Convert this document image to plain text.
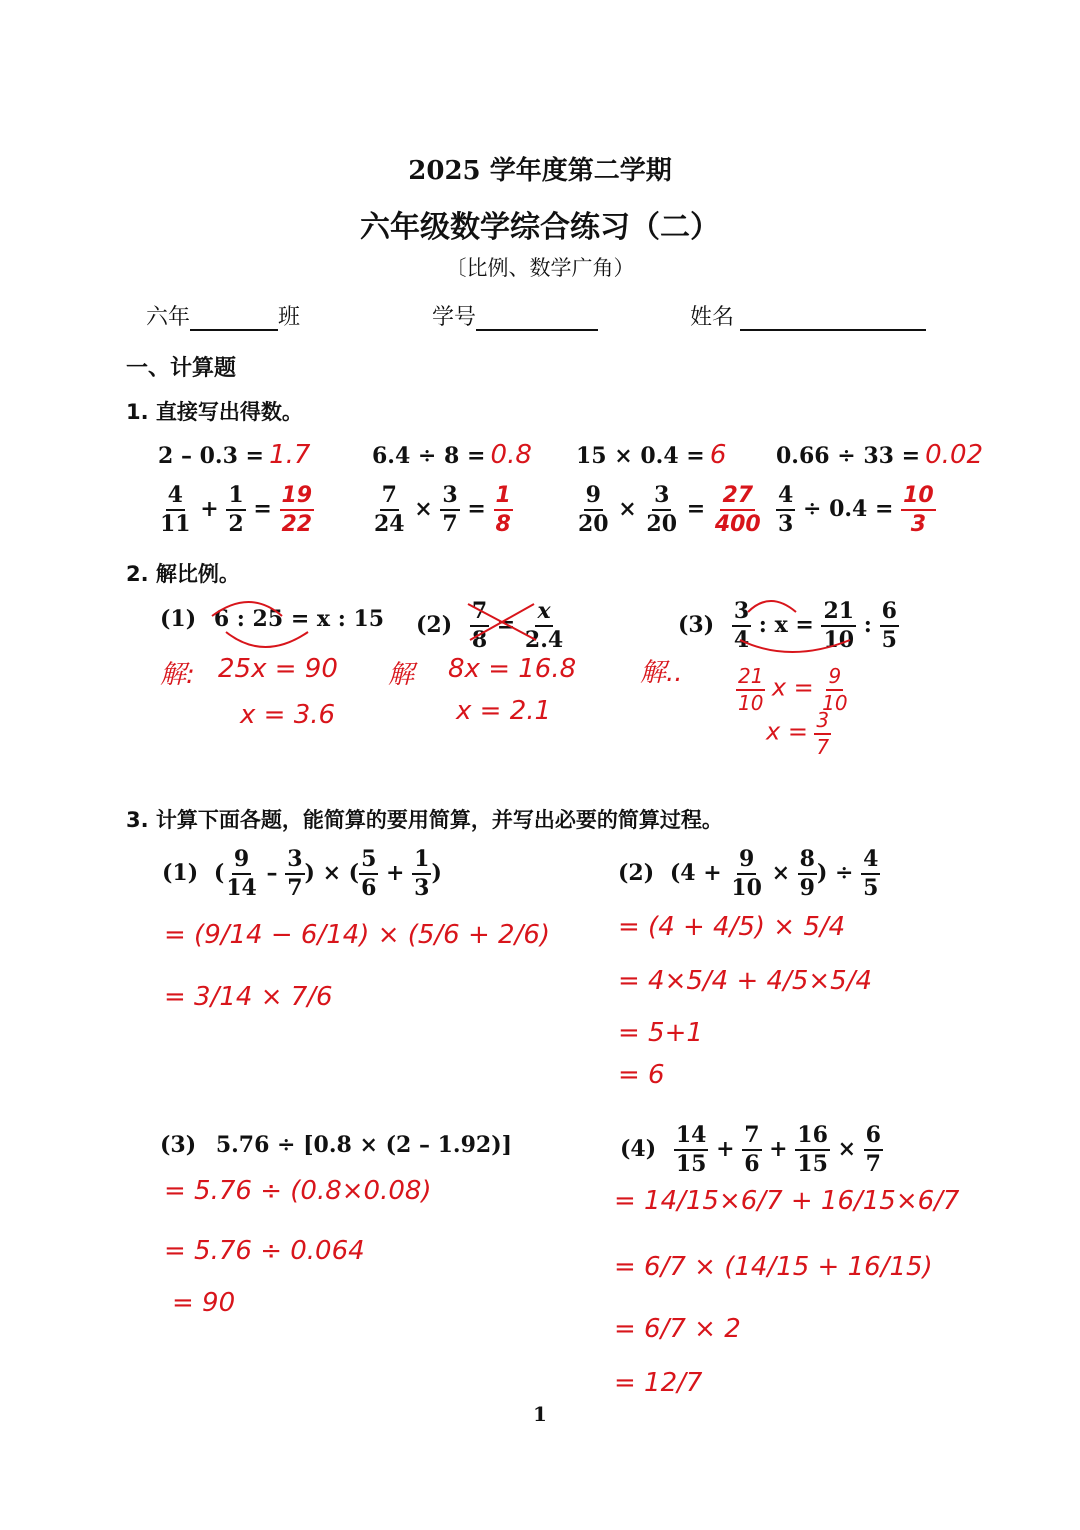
2025 学年度第二学期
六年级数学综合练习（二）
〔比例、数学广角）
六年	班	学号	姓名
一、计算题
1. 直接写出得数。
2 – 0.3 = 1.7	6.4 ÷ 8 = 0.8 15 × 0.4 = 6 0.66 ÷ 33 = 0.02
$\frac{4}{11} + \frac{1}{2} = \frac{19}{22}$	$\frac{7}{24} \times \frac{3}{7} = \frac{1}{8}$	$\frac{9}{20} \times \frac{3}{20} = \frac{27}{400} \frac{4}{3} \div 0.4 = \frac{10}{3}$
2. 解比例。
(1) 6 : 25 = x : 15
解: 25x = 90
x = 3.6
$(2) \frac{7}{8} = \frac{x}{2.4}$
解 8x = 16.8
x = 2.1
$(3) \frac{3}{4}$ : $x = \frac{21}{10}$ : $\frac{6}{5}$
解..	$\frac{21}{10}$ $x = \frac{9}{10}$
$x = \frac{3}{7}$
3. 计算下面各题，能简算的要用简算，并写出必要的简算过程。
(1) ( $\frac{9}{14} - \frac{3}{7}$ ) × ( $\frac{5}{6} + \frac{1}{3}$ )
= (9/14 − 6/14) × (5/6 + 2/6)
= 3/14 × 7/6
(2) ($4 + \frac{9}{10} \times \frac{8}{9}$ ) ÷ $\frac{4}{5}$
= (4 + 4/5) × 5/4
= 4×5/4 + 4/5×5/4
= 5+1
= 6
(3) 5.76 ÷ [0.8 × (2 – 1.92)]
= 5.76 ÷ (0.8×0.08)
= 5.76 ÷ 0.064
= 90
$(4) \frac{14}{15} + \frac{7}{6} + \frac{16}{15} \times \frac{6}{7}$
= 14/15×6/7 + 16/15×6/7
= 6/7 × (14/15 + 16/15)
= 6/7 × 2
= 12/7
1
